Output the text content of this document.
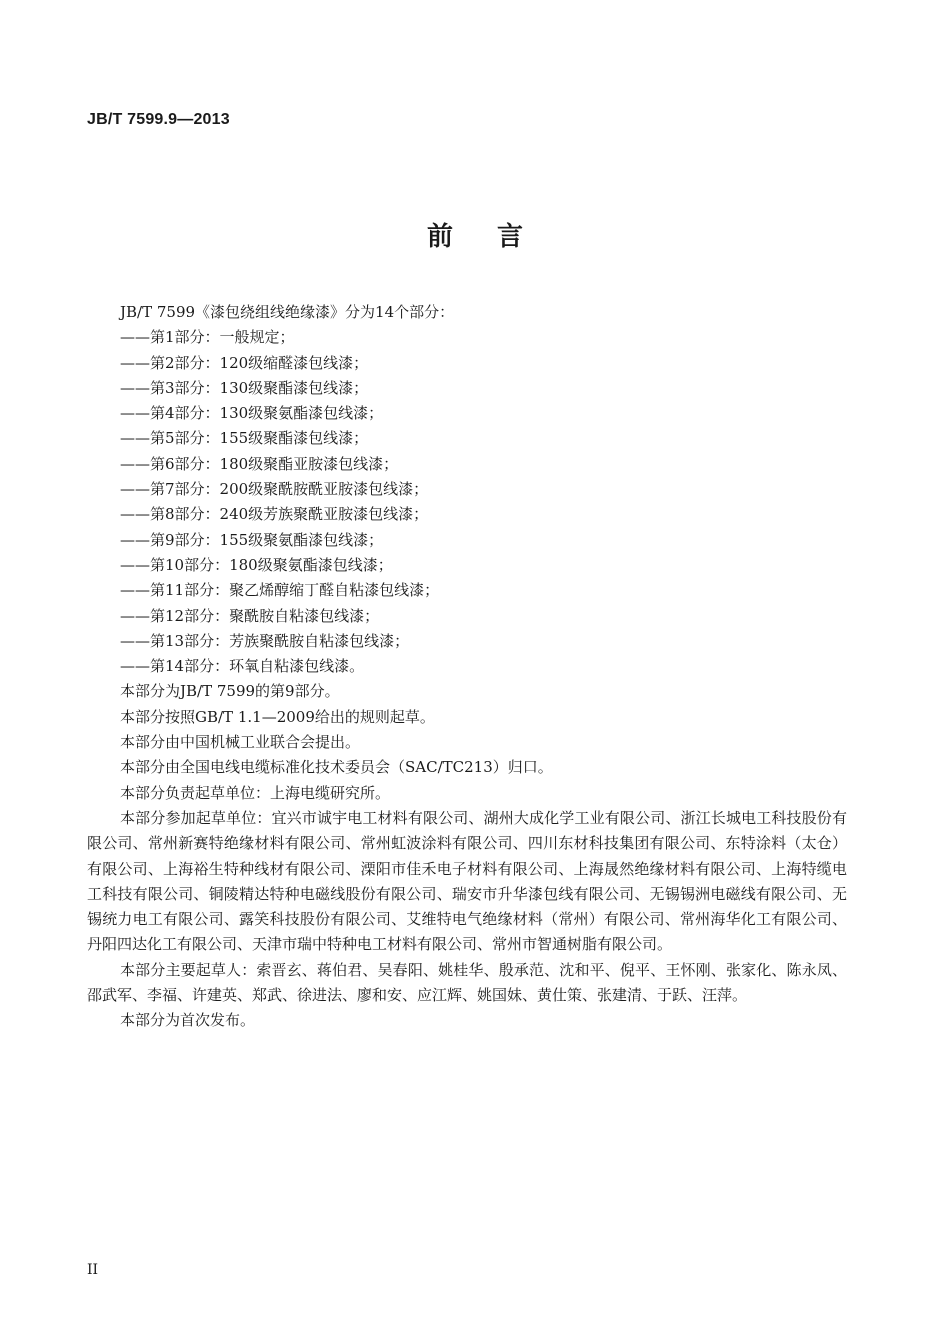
JB/T 7599.9—2013
前言

JB/T 7599《漆包绕组线绝缘漆》分为14个部分：

——第1部分：一般规定；

——第2部分：120级缩醛漆包线漆；

——第3部分：130级聚酯漆包线漆；

——第4部分：130级聚氨酯漆包线漆；

——第5部分：155级聚酯漆包线漆；

——第6部分：180级聚酯亚胺漆包线漆；

——第7部分：200级聚酰胺酰亚胺漆包线漆；

——第8部分：240级芳族聚酰亚胺漆包线漆；

——第9部分：155级聚氨酯漆包线漆；

——第10部分：180级聚氨酯漆包线漆；

——第11部分：聚乙烯醇缩丁醛自粘漆包线漆；

——第12部分：聚酰胺自粘漆包线漆；

——第13部分：芳族聚酰胺自粘漆包线漆；

——第14部分：环氧自粘漆包线漆。

本部分为JB/T 7599的第9部分。

本部分按照GB/T 1.1—2009给出的规则起草。

本部分由中国机械工业联合会提出。

本部分由全国电线电缆标准化技术委员会（SAC/TC213）归口。

本部分负责起草单位：上海电缆研究所。

本部分参加起草单位：宜兴市诚宇电工材料有限公司、湖州大成化学工业有限公司、浙江长城电工科技股份有限公司、常州新赛特绝缘材料有限公司、常州虹波涂料有限公司、四川东材科技集团有限公司、东特涂料（太仓）有限公司、上海裕生特种线材有限公司、溧阳市佳禾电子材料有限公司、上海晟然绝缘材料有限公司、上海特缆电工科技有限公司、铜陵精达特种电磁线股份有限公司、瑞安市升华漆包线有限公司、无锡锡洲电磁线有限公司、无锡统力电工有限公司、露笑科技股份有限公司、艾维特电气绝缘材料（常州）有限公司、常州海华化工有限公司、丹阳四达化工有限公司、天津市瑞中特种电工材料有限公司、常州市智通树脂有限公司。

本部分主要起草人：索晋玄、蒋伯君、吴春阳、姚桂华、殷承范、沈和平、倪平、王怀刚、张家化、陈永凤、邵武军、李福、许建英、郑武、徐进法、廖和安、应江辉、姚国妹、黄仕策、张建清、于跃、汪萍。

本部分为首次发布。

II
